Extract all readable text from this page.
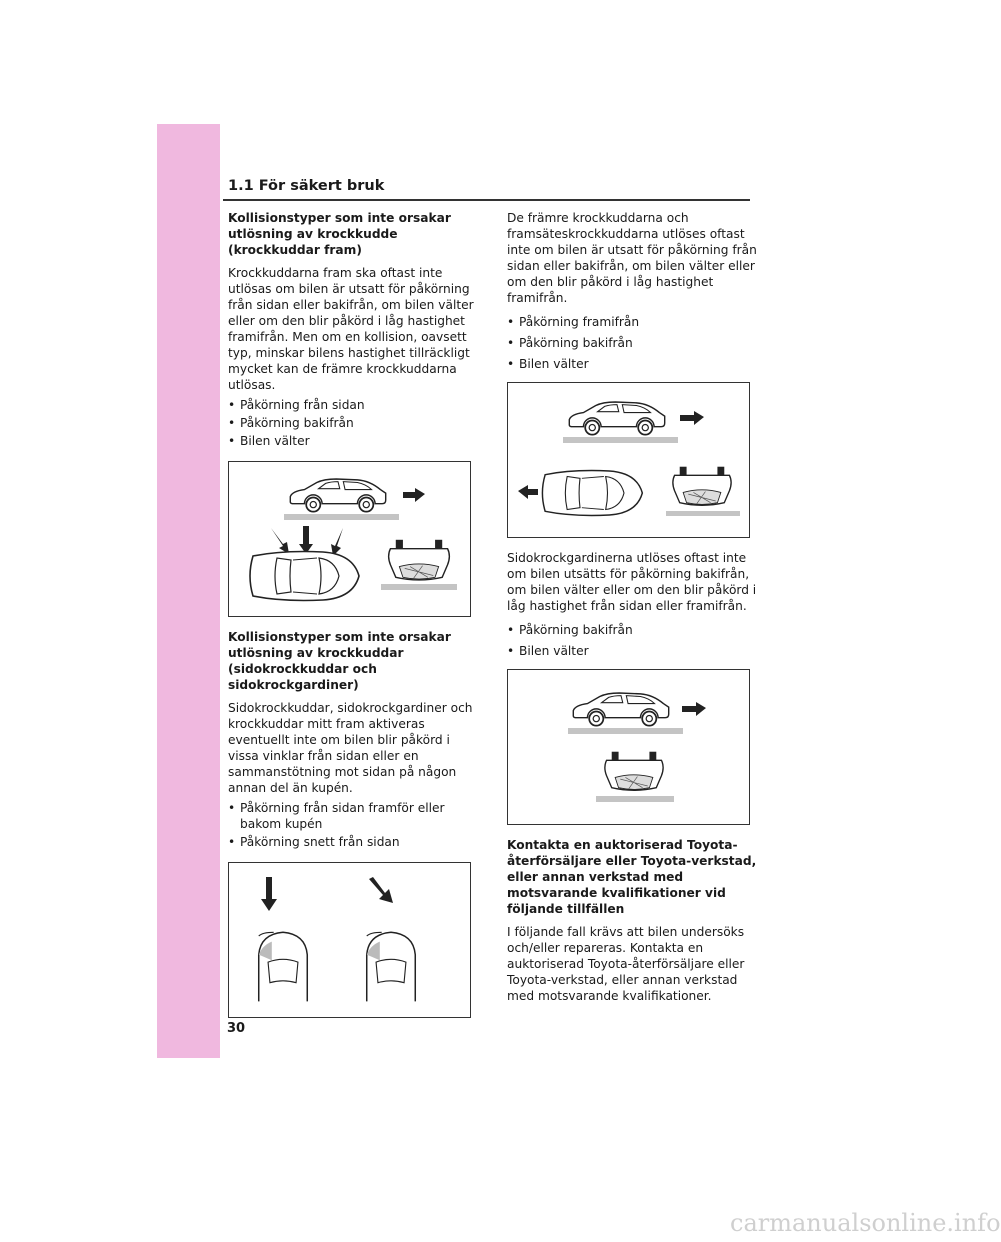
1.1 För säkert bruk
Kollisionstyper som inte orsakar utlösning av krockkudde (krockkuddar fram)

Krockkuddarna fram ska oftast inte utlösas om bilen är utsatt för påkörning från sidan eller bakifrån, om bilen välter eller om den blir påkörd i låg hastighet framifrån. Men om en kollision, oavsett typ, minskar bilens hastighet tillräckligt mycket kan de främre krockkuddarna utlösas.

• Påkörning från sidan
• Påkörning bakifrån
• Bilen välter
Kollisionstyper som inte orsakar utlösning av krockkuddar (sidokrockkuddar och sidokrockgardiner)

Sidokrockkuddar, sidokrockgardiner och krockkuddar mitt fram aktiveras eventuellt inte om bilen blir påkörd i vissa vinklar från sidan eller en sammanstötning mot sidan på någon annan del än kupén.

• Påkörning från sidan framför eller bakom kupén
• Påkörning snett från sidan

De främre krockkuddarna och framsäteskrockkuddarna utlöses oftast inte om bilen är utsatt för påkörning från sidan eller bakifrån, om bilen välter eller om den blir påkörd i låg hastighet framifrån.

• Påkörning framifrån
• Påkörning bakifrån
• Bilen välter

Sidokrockgardinerna utlöses oftast inte om bilen utsätts för påkörning bakifrån, om bilen välter eller om den blir påkörd i låg hastighet från sidan eller framifrån.

• Påkörning bakifrån
• Bilen välter
Kontakta en auktoriserad Toyota-återförsäljare eller Toyota-verkstad, eller annan verkstad med motsvarande kvalifikationer vid följande tillfällen

I följande fall krävs att bilen undersöks och/eller repareras. Kontakta en auktoriserad Toyota-återförsäljare eller Toyota-verkstad, eller annan verkstad med motsvarande kvalifikationer.

30
carmanualsonline.info
